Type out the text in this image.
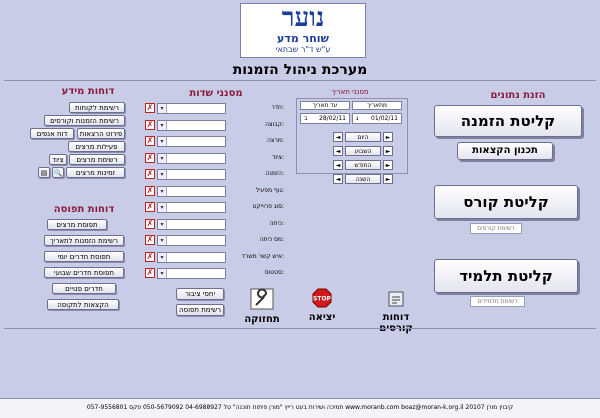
נוער
שוחר מדע
ע"ש ד"ר שבתאי
מערכת ניהול הזמנות
הזנת נתונים
קליטת הזמנה
תכנון הקצאות
קליטת קורס
רשימת קורסים
קליטת תלמיד
רשימת תלמידים
מסנני תאריך
מתאריך
עד תאריך
01/02/11
ג
28/02/11
ב
◄	היום	►
◄	השבוע	►
◄	החודש	►
◄	השנה	►
מסנני שדות
✗	▾	חדר:
✗	▾	קבוצה:
✗	▾	מרצה:
✗	▾	ציוד:
✗	▾	הזמנה:
✗	▾	גוף מפעיל:
✗	▾	סוג פרוייקט:
✗	▾	כיתה:
✗	▾	מס כיתה:
✗	▾	איש קשר משרד:
✗	▾	סטטוס:
דוחות מידע
רשימת לקוחות
רשימת הזמנות וקורסים
פירוט הרצאות
דוח אנפים
פעילות מרצים
רשימת מרצים
ציוד
זמינות מרצים
🔍
▤
דוחות תפוסה
תפוסת מרצים
רשימת הזמנות לתאריך
תפוסת חדרים יומי
תפוסת חדרים שבועי
חדרים פנויים
הקצאות לתקופה
יחסי ציבור
רשימת תפוסה
תחזוקה
STOP
יציאה	דוחות
תמיכה ושירות בעט רייץ "מורן פיתוח תוכנה" טל 04-6988927 050-5679092 פקס 057-9556801 www.moranb.com boaz@moran-k.org.il קיבוץ מורן 20107
